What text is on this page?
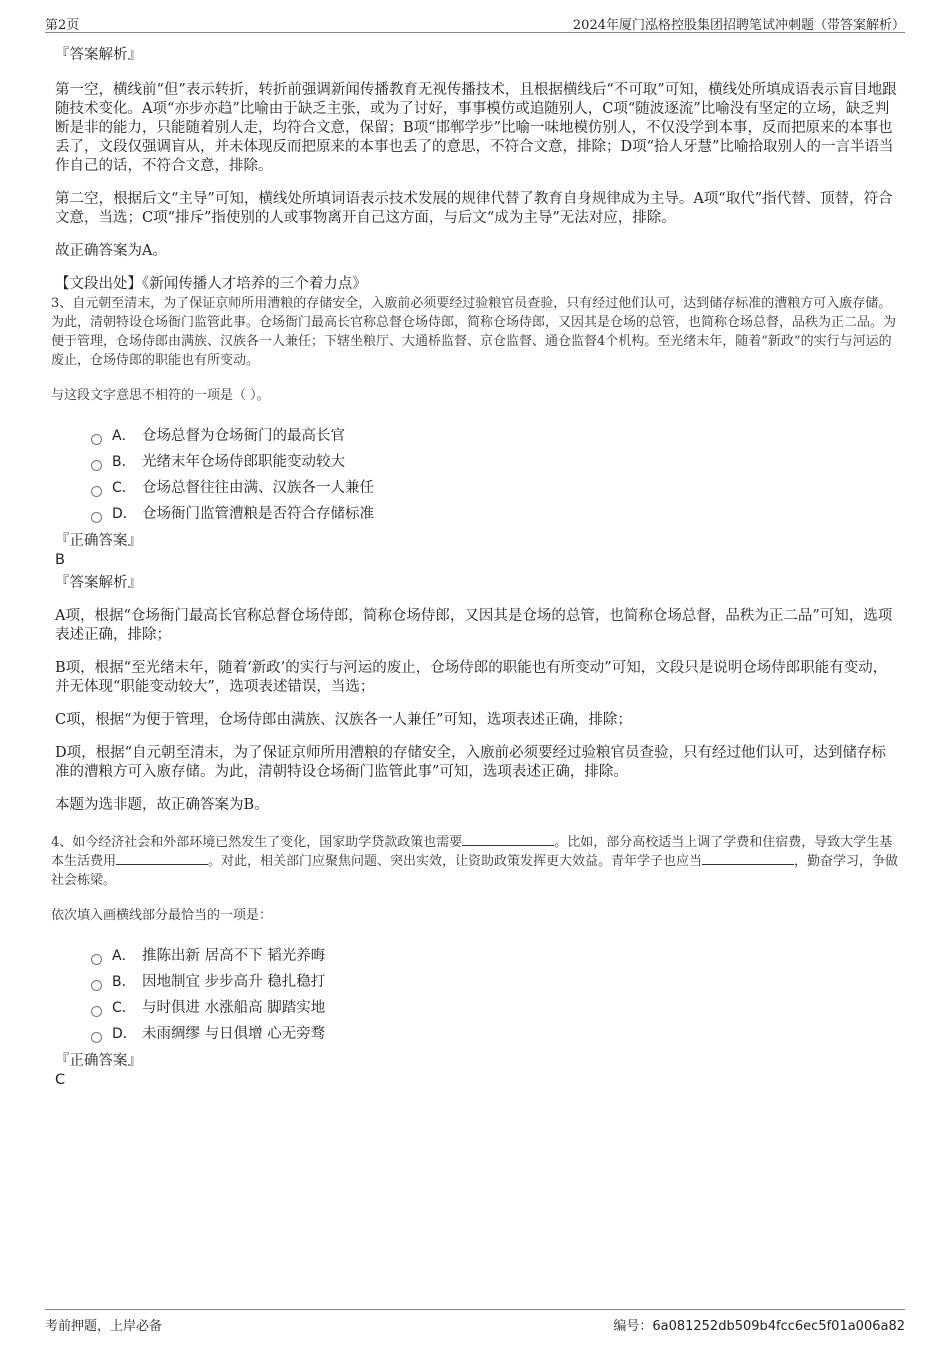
第2页	2024年厦门泓格控股集团招聘笔试冲刺题（带答案解析）

『答案解析』

第一空，横线前“但”表示转折，转折前强调新闻传播教育无视传播技术，且根据横线后“不可取”可知，横线处所填成语表示盲目地跟随技术变化。A项“亦步亦趋”比喻由于缺乏主张，或为了讨好，事事模仿或追随别人，C项“随波逐流”比喻没有坚定的立场，缺乏判断是非的能力，只能随着别人走，均符合文意，保留；B项“邯郸学步”比喻一味地模仿别人，不仅没学到本事，反而把原来的本事也丢了，文段仅强调盲从，并未体现反而把原来的本事也丢了的意思，不符合文意，排除；D项“拾人牙慧”比喻拾取别人的一言半语当作自己的话，不符合文意，排除。

第二空，根据后文“主导”可知，横线处所填词语表示技术发展的规律代替了教育自身规律成为主导。A项“取代”指代替、顶替，符合文意，当选；C项“排斥”指使别的人或事物离开自己这方面，与后文“成为主导”无法对应，排除。

故正确答案为A。

【文段出处】《新闻传播人才培养的三个着力点》

3、自元朝至清末，为了保证京师所用漕粮的存储安全，入廒前必须要经过验粮官员查验，只有经过他们认可，达到储存标准的漕粮方可入廒存储。为此，清朝特设仓场衙门监管此事。仓场衙门最高长官称总督仓场侍郎，简称仓场侍郎，又因其是仓场的总管，也简称仓场总督，品秩为正二品。为便于管理，仓场侍郎由满族、汉族各一人兼任；下辖坐粮厅、大通桥监督、京仓监督、通仓监督4个机构。至光绪末年，随着“新政”的实行与河运的废止，仓场侍郎的职能也有所变动。

与这段文字意思不相符的一项是（ ）。

A． 仓场总督为仓场衙门的最高长官
B． 光绪末年仓场侍郎职能变动较大
C． 仓场总督往往由满、汉族各一人兼任
D． 仓场衙门监管漕粮是否符合存储标准

『正确答案』

B

『答案解析』

A项，根据“仓场衙门最高长官称总督仓场侍郎，简称仓场侍郎，又因其是仓场的总管，也简称仓场总督，品秩为正二品”可知，选项表述正确，排除；

B项，根据“至光绪末年，随着‘新政’的实行与河运的废止，仓场侍郎的职能也有所变动”可知，文段只是说明仓场侍郎职能有变动，并无体现“职能变动较大”，选项表述错误，当选；

C项，根据“为便于管理，仓场侍郎由满族、汉族各一人兼任”可知，选项表述正确，排除；

D项，根据“自元朝至清末，为了保证京师所用漕粮的存储安全，入廒前必须要经过验粮官员查验，只有经过他们认可，达到储存标准的漕粮方可入廒存储。为此，清朝特设仓场衙门监管此事”可知，选项表述正确，排除。

本题为选非题，故正确答案为B。

4、如今经济社会和外部环境已然发生了变化，国家助学贷款政策也需要	。比如，部分高校适当上调了学费和住宿费，导致大学生基本生活费用	。对此，相关部门应聚焦问题、突出实效，让资助政策发挥更大效益。青年学子也应当	，勤奋学习，争做社会栋梁。

依次填入画横线部分最恰当的一项是：

A． 推陈出新 居高不下 韬光养晦
B． 因地制宜 步步高升 稳扎稳打
C． 与时俱进 水涨船高 脚踏实地
D． 未雨绸缪 与日俱增 心无旁骛

『正确答案』

C

考前押题，上岸必备	编号：6a081252db509b4fcc6ec5f01a006a82
